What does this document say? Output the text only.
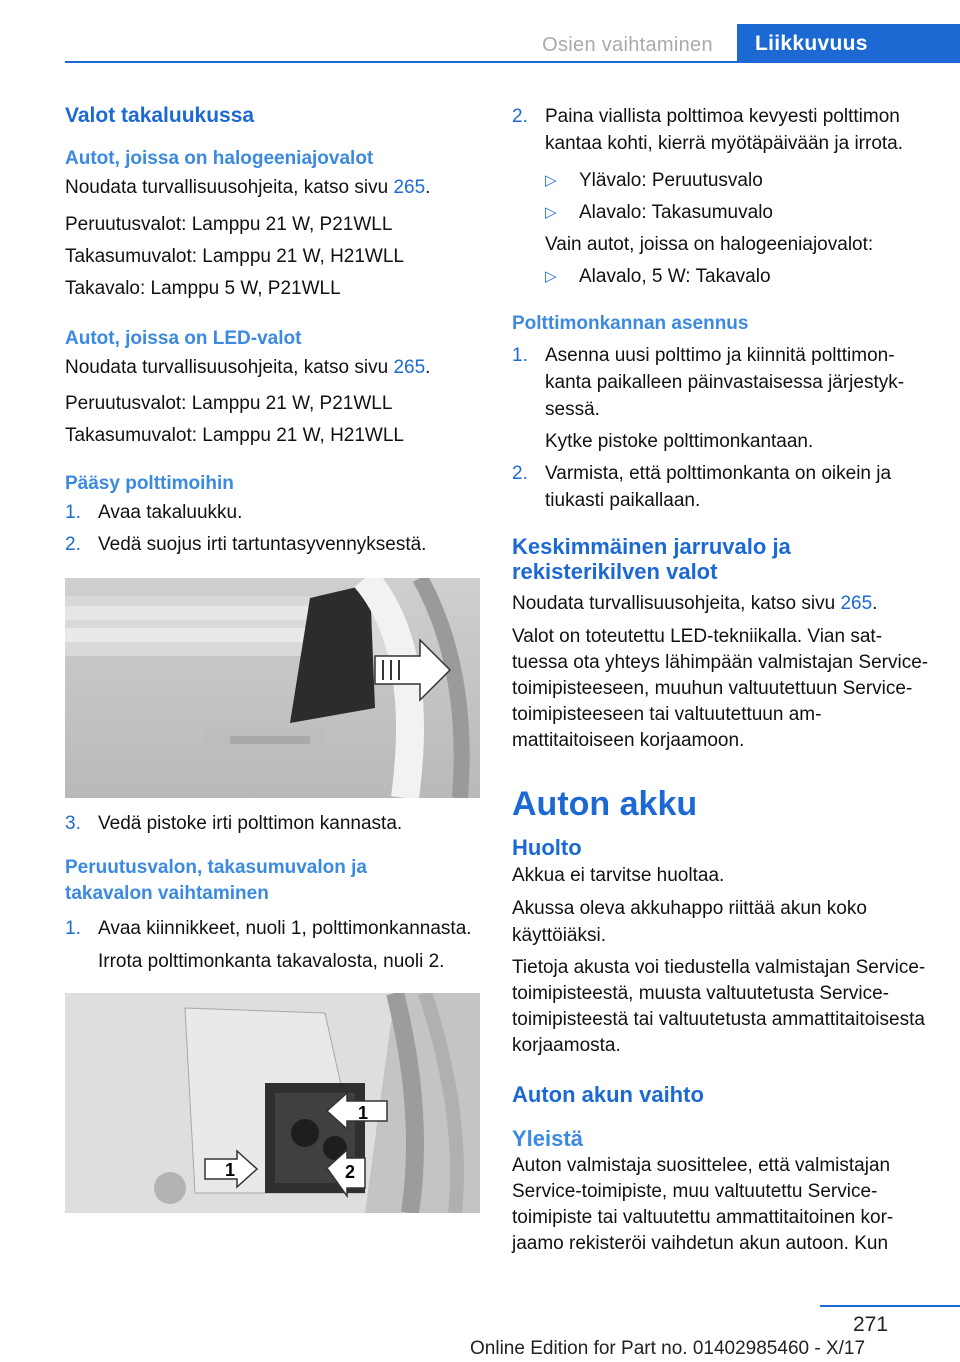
Osien vaihtaminen	Liikkuvuus

Valot takaluukussa

Autot, joissa on halogeeniajovalot

Noudata turvallisuusohjeita, katso sivu 265.

Peruutusvalot: Lamppu 21 W, P21WLL

Takasumuvalot: Lamppu 21 W, H21WLL

Takavalo: Lamppu 5 W, P21WLL

Autot, joissa on LED-valot

Noudata turvallisuusohjeita, katso sivu 265.

Peruutusvalot: Lamppu 21 W, P21WLL

Takasumuvalot: Lamppu 21 W, H21WLL

Pääsy polttimoihin
1. Avaa takaluukku.
2. Vedä suojus irti tartuntasyvennyksestä.
3. Vedä pistoke irti polttimon kannasta.
Peruutusvalon, takasumuvalon ja
takavalon vaihtaminen
1. Avaa kiinnikkeet, nuoli 1, polttimonkannasta.

Irrota polttimonkanta takavalosta, nuoli 2.

1
1	2
2. Paina viallista polttimoa kevyesti polttimon kantaa kohti, kierrä myötäpäivään ja irrota.
▷	Ylävalo: Peruutusvalo
▷	Alavalo: Takasumuvalo

Vain autot, joissa on halogeeniajovalot:

▷	Alavalo, 5 W: Takavalo
Polttimonkannan asennus
1. Asenna uusi polttimo ja kiinnitä polttimonkanta paikalleen päinvastaisessa järjestyksessä.

Kytke pistoke polttimonkantaan.

2. Varmista, että polttimonkanta on oikein ja tiukasti paikallaan.
Keskimmäinen jarruvalo ja
rekisterikilven valot

Noudata turvallisuusohjeita, katso sivu 265.

Valot on toteutettu LED-tekniikalla. Vian sattuessa ota yhteys lähimpään valmistajan Service-toimipisteeseen, muuhun valtuutettuun Service-toimipisteeseen tai valtuutettuun ammattitaitoiseen korjaamoon.

Auton akku

Huolto

Akkua ei tarvitse huoltaa.

Akussa oleva akkuhappo riittää akun koko käyttöiäksi.

Tietoja akusta voi tiedustella valmistajan Service-toimipisteestä, muusta valtuutetusta Service-toimipisteestä tai valtuutetusta ammattitaitoisesta korjaamosta.

Auton akun vaihto
Yleistä

Auton valmistaja suosittelee, että valmistajan Service-toimipiste, muu valtuutettu Service-toimipiste tai valtuutettu ammattitaitoinen korjaamo rekisteröi vaihdetun akun autoon. Kun

271
Online Edition for Part no. 01402985460 - X/17
